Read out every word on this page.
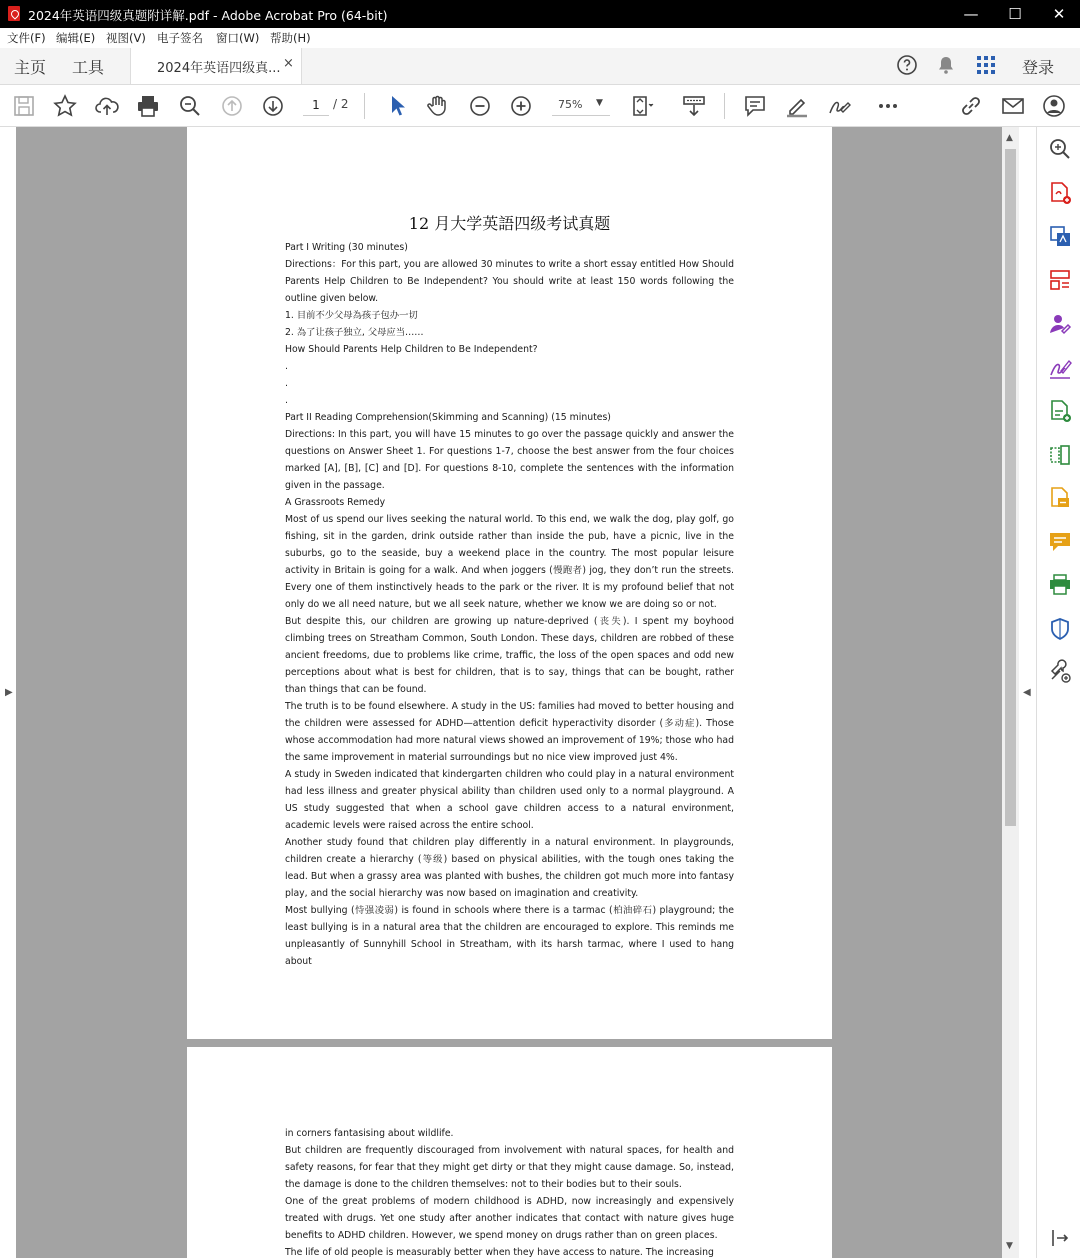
2024年英语四级真题附详解.pdf - Adobe Acrobat Pro (64-bit)	—	☐	✕
文件(F) 编辑(E) 视图(V) 电子签名 窗口(W) 帮助(H)
主页 工具	2024年英语四级真... ×	登录
1	/ 2	75% ▼
▶
12 月大学英語四级考试真题

Part I Writing (30 minutes)

Directions：For this part, you are allowed 30 minutes to write a short essay entitled How Should Parents Help Children to Be Independent? You should write at least 150 words following the outline given below.

1. 目前不少父母為孩子包办一切

2. 為了让孩子独立, 父母应当……

How Should Parents Help Children to Be Independent?

.

.

.

Part II Reading Comprehension(Skimming and Scanning) (15 minutes)

Directions: In this part, you will have 15 minutes to go over the passage quickly and answer the questions on Answer Sheet 1. For questions 1-7, choose the best answer from the four choices marked [A], [B], [C] and [D]. For questions 8-10, complete the sentences with the information given in the passage.

A Grassroots Remedy

Most of us spend our lives seeking the natural world. To this end, we walk the dog, play golf, go fishing, sit in the garden, drink outside rather than inside the pub, have a picnic, live in the suburbs, go to the seaside, buy a weekend place in the country. The most popular leisure activity in Britain is going for a walk. And when joggers (慢跑者) jog, they don’t run the streets. Every one of them instinctively heads to the park or the river. It is my profound belief that not only do we all need nature, but we all seek nature, whether we know we are doing so or not.

But despite this, our children are growing up nature-deprived (丧失). I spent my boyhood climbing trees on Streatham Common, South London. These days, children are robbed of these ancient freedoms, due to problems like crime, traffic, the loss of the open spaces and odd new perceptions about what is best for children, that is to say, things that can be bought, rather than things that can be found.

The truth is to be found elsewhere. A study in the US: families had moved to better housing and the children were assessed for ADHD—attention deficit hyperactivity disorder (多动症). Those whose accommodation had more natural views showed an improvement of 19%; those who had the same improvement in material surroundings but no nice view improved just 4%.

A study in Sweden indicated that kindergarten children who could play in a natural environment had less illness and greater physical ability than children used only to a normal playground. A US study suggested that when a school gave children access to a natural environment, academic levels were raised across the entire school.

Another study found that children play differently in a natural environment. In playgrounds, children create a hierarchy (等级) based on physical abilities, with the tough ones taking the lead. But when a grassy area was planted with bushes, the children got much more into fantasy play, and the social hierarchy was now based on imagination and creativity.

Most bullying (恃强凌弱) is found in schools where there is a tarmac (柏油碎石) playground; the least bullying is in a natural area that the children are encouraged to explore. This reminds me unpleasantly of Sunnyhill School in Streatham, with its harsh tarmac, where I used to hang about

in corners fantasising about wildlife.

But children are frequently discouraged from involvement with natural spaces, for health and safety reasons, for fear that they might get dirty or that they might cause damage. So, instead, the damage is done to the children themselves: not to their bodies but to their souls.

One of the great problems of modern childhood is ADHD, now increasingly and expensively treated with drugs. Yet one study after another indicates that contact with nature gives huge benefits to ADHD children. However, we spend money on drugs rather than on green places.

The life of old people is measurably better when they have access to nature. The increasing

▲
▼
◀
